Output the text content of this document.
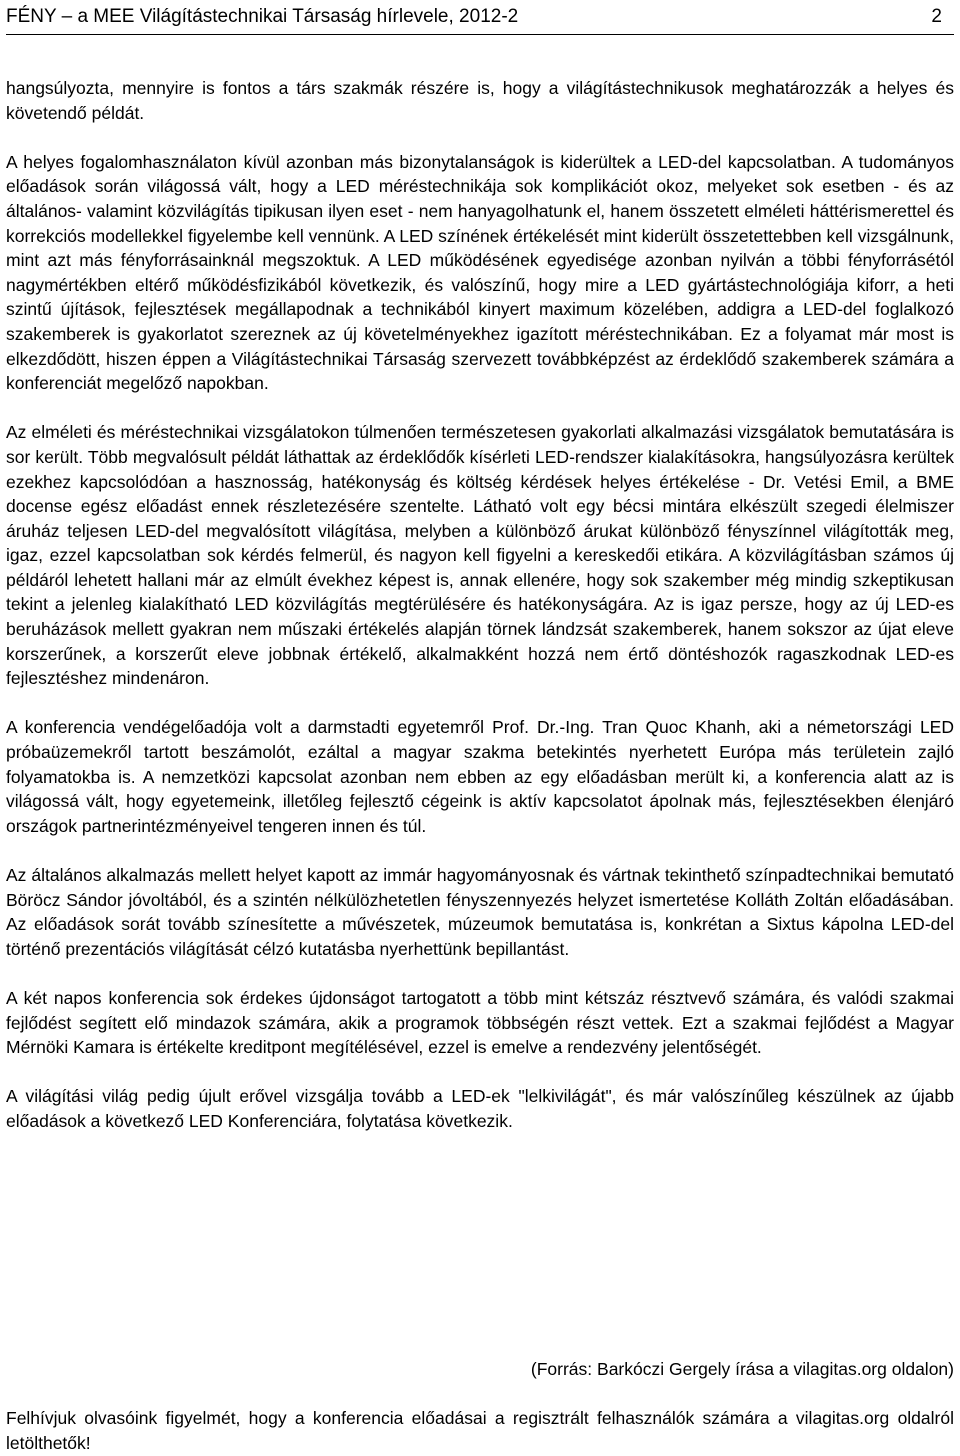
FÉNY – a MEE Világítástechnikai Társaság hírlevele, 2012-2	2

hangsúlyozta, mennyire is fontos a társ szakmák részére is, hogy a világítástechnikusok meghatározzák a helyes és követendő példát.

A helyes fogalomhasználaton kívül azonban más bizonytalanságok is kiderültek a LED-del kapcsolatban. A tudományos előadások során világossá vált, hogy a LED méréstechnikája sok komplikációt okoz, melyeket sok esetben - és az általános- valamint közvilágítás tipikusan ilyen eset - nem hanyagolhatunk el, hanem összetett elméleti háttérismerettel és korrekciós modellekkel figyelembe kell vennünk. A LED színének értékelését mint kiderült összetettebben kell vizsgálnunk, mint azt más fényforrásainknál megszoktuk. A LED működésének egyedisége azonban nyilván a többi fényforrásétól nagymértékben eltérő működésfizikából következik, és valószínű, hogy mire a LED gyártástechnológiája kiforr, a heti szintű újítások, fejlesztések megállapodnak a technikából kinyert maximum közelében, addigra a LED-del foglalkozó szakemberek is gyakorlatot szereznek az új követelményekhez igazított méréstechnikában. Ez a folyamat már most is elkezdődött, hiszen éppen a Világítástechnikai Társaság szervezett továbbképzést az érdeklődő szakemberek számára a konferenciát megelőző napokban.

Az elméleti és méréstechnikai vizsgálatokon túlmenően természetesen gyakorlati alkalmazási vizsgálatok bemutatására is sor került. Több megvalósult példát láthattak az érdeklődők kísérleti LED-rendszer kialakításokra, hangsúlyozásra kerültek ezekhez kapcsolódóan a hasznosság, hatékonyság és költség kérdések helyes értékelése - Dr. Vetési Emil, a BME docense egész előadást ennek részletezésére szentelte. Látható volt egy bécsi mintára elkészült szegedi élelmiszer áruház teljesen LED-del megvalósított világítása, melyben a különböző árukat különböző fényszínnel világították meg, igaz, ezzel kapcsolatban sok kérdés felmerül, és nagyon kell figyelni a kereskedői etikára. A közvilágításban számos új példáról lehetett hallani már az elmúlt évekhez képest is, annak ellenére, hogy sok szakember még mindig szkeptikusan tekint a jelenleg kialakítható LED közvilágítás megtérülésére és hatékonyságára. Az is igaz persze, hogy az új LED-es beruházások mellett gyakran nem műszaki értékelés alapján törnek lándzsát szakemberek, hanem sokszor az újat eleve korszerűnek, a korszerűt eleve jobbnak értékelő, alkalmakként hozzá nem értő döntéshozók ragaszkodnak LED-es fejlesztéshez mindenáron.

A konferencia vendégelőadója volt a darmstadti egyetemről Prof. Dr.-Ing. Tran Quoc Khanh, aki a németországi LED próbaüzemekről tartott beszámolót, ezáltal a magyar szakma betekintés nyerhetett Európa más területein zajló folyamatokba is. A nemzetközi kapcsolat azonban nem ebben az egy előadásban merült ki, a konferencia alatt az is világossá vált, hogy egyetemeink, illetőleg fejlesztő cégeink is aktív kapcsolatot ápolnak más, fejlesztésekben élenjáró országok partnerintézményeivel tengeren innen és túl.

Az általános alkalmazás mellett helyet kapott az immár hagyományosnak és vártnak tekinthető színpadtechnikai bemutató Böröcz Sándor jóvoltából, és a szintén nélkülözhetetlen fényszennyezés helyzet ismertetése Kolláth Zoltán előadásában. Az előadások sorát tovább színesítette a művészetek, múzeumok bemutatása is, konkrétan a Sixtus kápolna LED-del történő prezentációs világítását célzó kutatásba nyerhettünk bepillantást.

A két napos konferencia sok érdekes újdonságot tartogatott a több mint kétszáz résztvevő számára, és valódi szakmai fejlődést segített elő mindazok számára, akik a programok többségén részt vettek. Ezt a szakmai fejlődést a Magyar Mérnöki Kamara is értékelte kreditpont megítélésével, ezzel is emelve a rendezvény jelentőségét.

A világítási világ pedig újult erővel vizsgálja tovább a LED-ek "lelkivilágát", és már valószínűleg készülnek az újabb előadások a következő LED Konferenciára, folytatása következik.

(Forrás: Barkóczi Gergely írása a vilagitas.org oldalon)

Felhívjuk olvasóink figyelmét, hogy a konferencia előadásai a regisztrált felhasználók számára a vilagitas.org oldalról letölthetők!
